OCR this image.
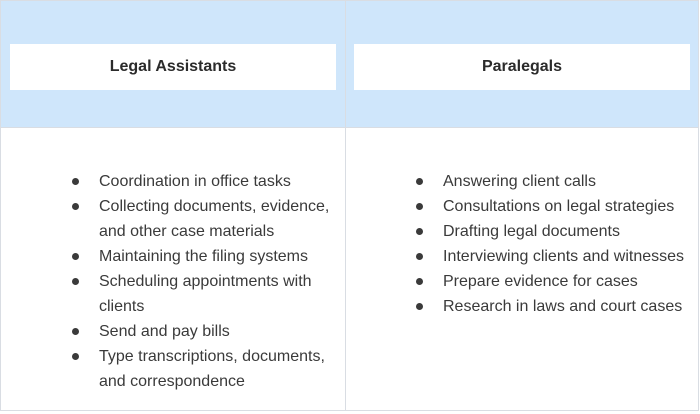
Legal Assistants	Paralegals
Coordination in office tasks
Collecting documents, evidence, and other case materials
Maintaining the filing systems
Scheduling appointments with clients
Send and pay bills
Type transcriptions, documents, and correspondence
Answering client calls
Consultations on legal strategies
Drafting legal documents
Interviewing clients and witnesses
Prepare evidence for cases
Research in laws and court cases
